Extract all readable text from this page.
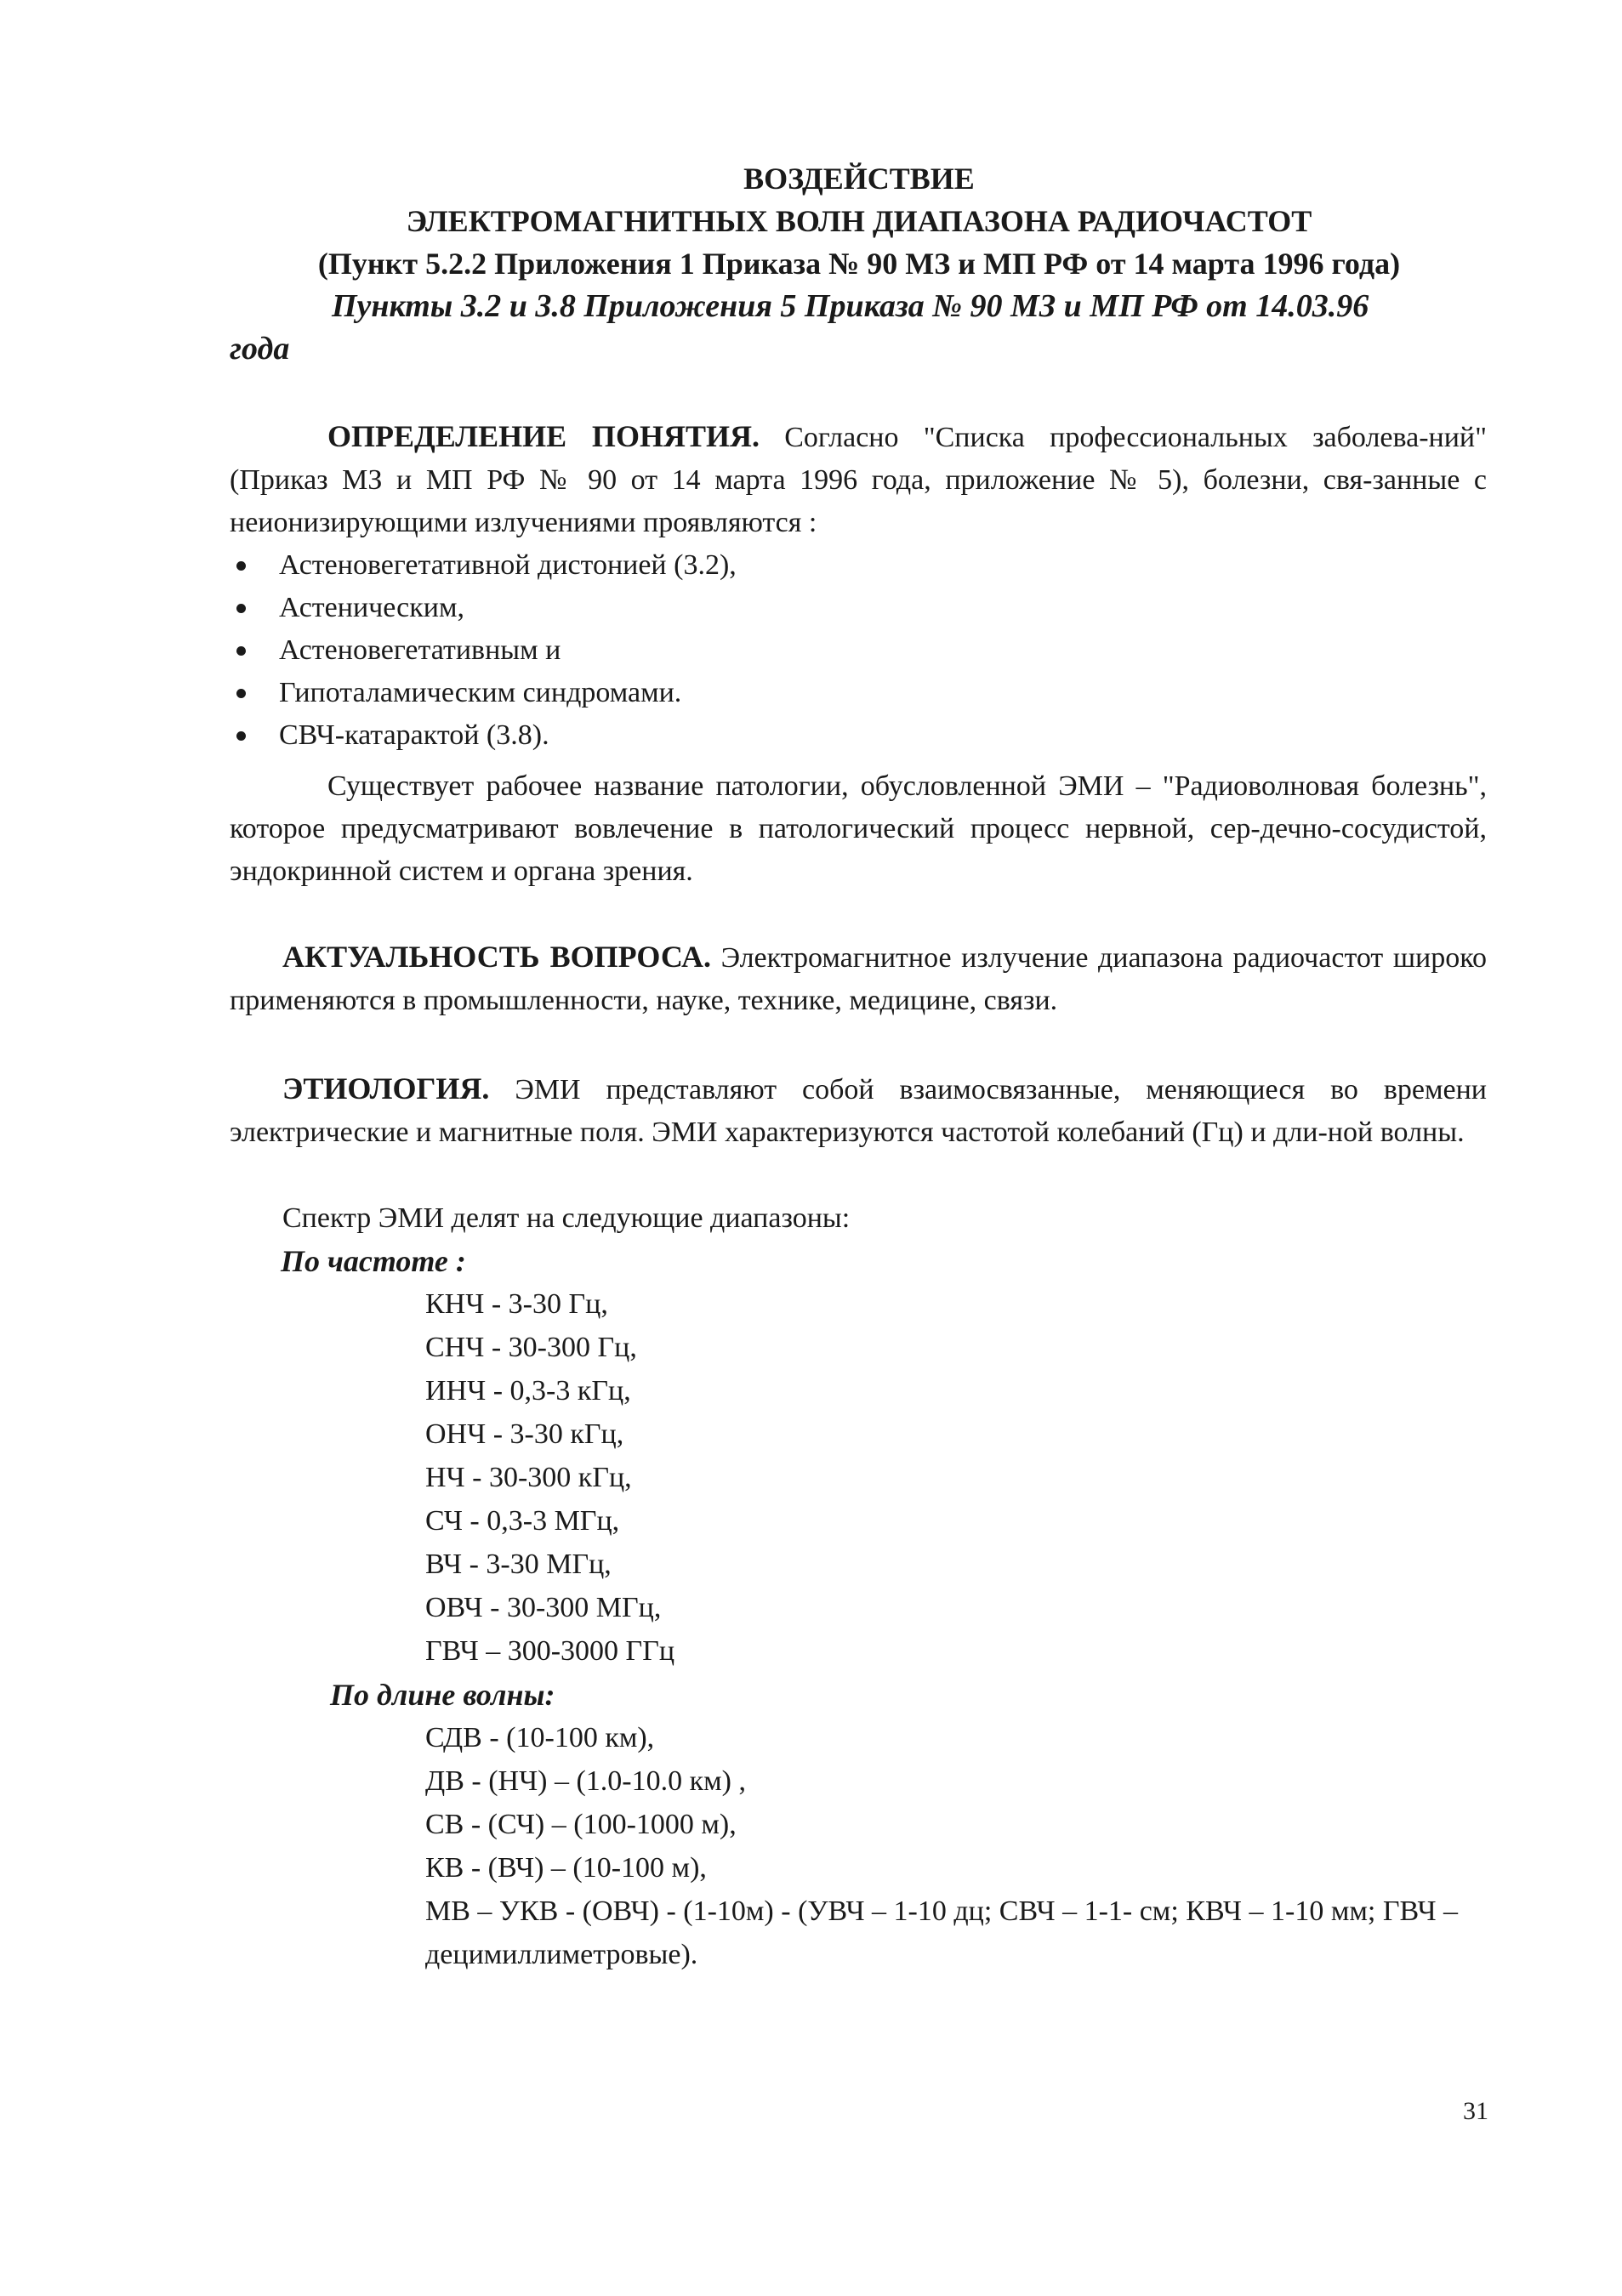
ВОЗДЕЙСТВИЕ
ЭЛЕКТРОМАГНИТНЫХ ВОЛН ДИАПАЗОНА РАДИОЧАСТОТ
(Пункт 5.2.2 Приложения 1 Приказа № 90 МЗ и МП РФ от 14 марта 1996 года)
Пункты 3.2 и 3.8 Приложения 5 Приказа № 90 МЗ и МП РФ от 14.03.96
года
ОПРЕДЕЛЕНИЕ ПОНЯТИЯ. Согласно "Списка профессиональных заболева-ний" (Приказ МЗ и МП РФ № 90 от 14 марта 1996 года, приложение № 5), болезни, свя-занные с неионизирующими излучениями проявляются :
Астеновегетативной дистонией (3.2),
Астеническим,
Астеновегетативным и
Гипоталамическим синдромами.
СВЧ-катарактой (3.8).
Существует рабочее название патологии, обусловленной ЭМИ – "Радиоволновая болезнь", которое предусматривают вовлечение в патологический процесс нервной, сер-дечно-сосудистой, эндокринной систем и органа зрения.
АКТУАЛЬНОСТЬ ВОПРОСА. Электромагнитное излучение диапазона радиочастот широко применяются в промышленности, науке, технике, медицине, связи.
ЭТИОЛОГИЯ. ЭМИ представляют собой взаимосвязанные, меняющиеся во времени электрические и магнитные поля. ЭМИ характеризуются частотой колебаний (Гц) и дли-ной волны.
Спектр ЭМИ делят на следующие диапазоны:
По частоте :
КНЧ - 3-30 Гц,
СНЧ - 30-300 Гц,
ИНЧ - 0,3-3 кГц,
ОНЧ - 3-30 кГц,
НЧ - 30-300 кГц,
СЧ - 0,3-3 МГц,
ВЧ - 3-30 МГц,
ОВЧ - 30-300 МГц,
ГВЧ – 300-3000 ГГц
По длине волны:
СДВ - (10-100 км),
ДВ - (НЧ) – (1.0-10.0 км) ,
СВ - (СЧ) – (100-1000 м),
КВ - (ВЧ) – (10-100 м),
МВ – УКВ - (ОВЧ) - (1-10м) - (УВЧ – 1-10 дц; СВЧ – 1-1- см; КВЧ – 1-10 мм; ГВЧ – децимиллиметровые).
31
